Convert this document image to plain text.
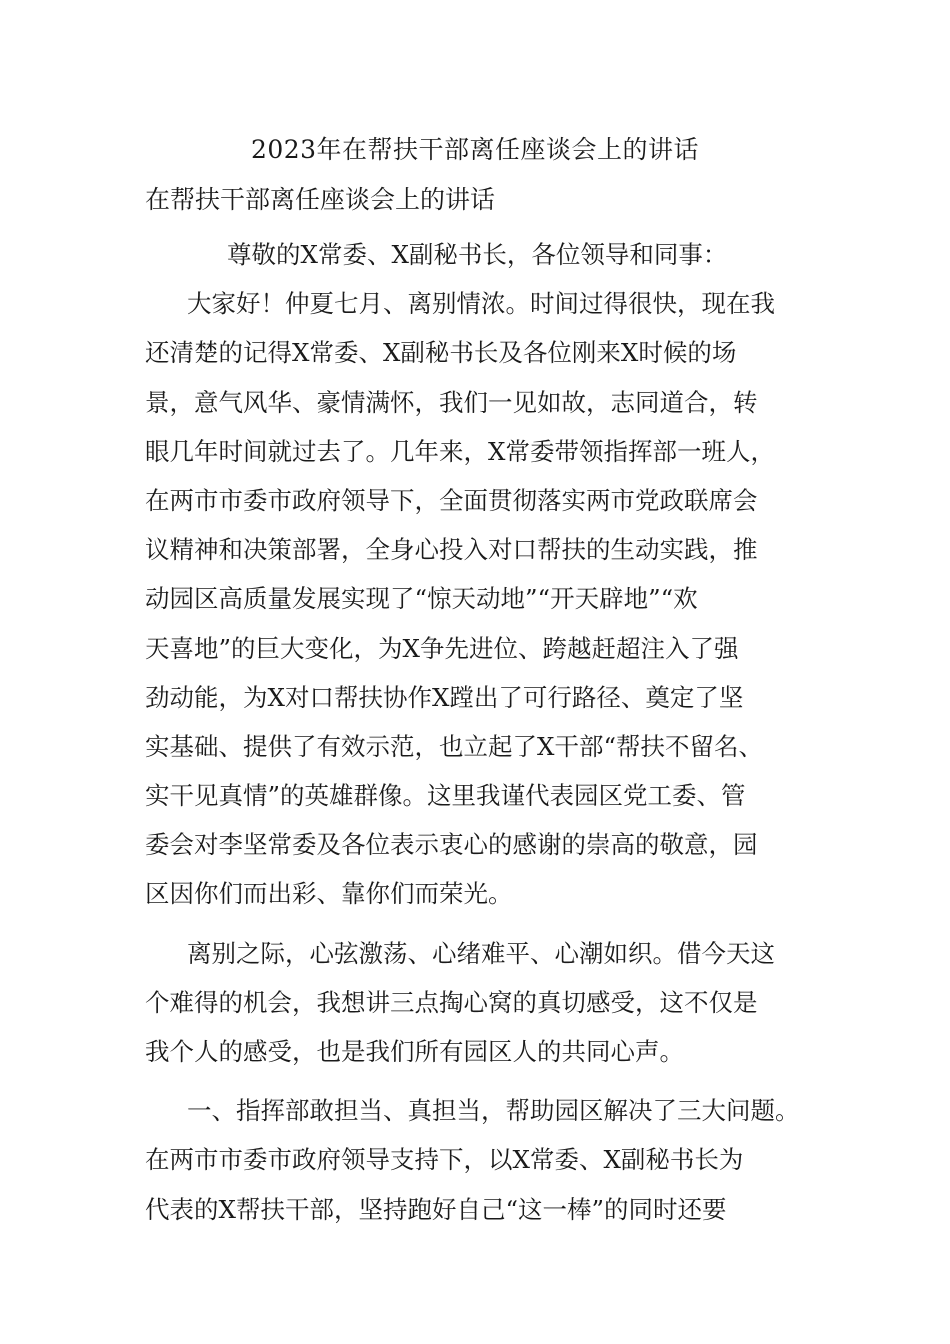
2023年在帮扶干部离任座谈会上的讲话
在帮扶干部离任座谈会上的讲话
尊敬的X常委、X副秘书长，各位领导和同事：
大家好！仲夏七月、离别情浓。时间过得很快，现在我
还清楚的记得X常委、X副秘书长及各位刚来X时候的场
景，意气风华、豪情满怀，我们一见如故，志同道合，转
眼几年时间就过去了。几年来，X常委带领指挥部一班人，
在两市市委市政府领导下，全面贯彻落实两市党政联席会
议精神和决策部署，全身心投入对口帮扶的生动实践，推
动园区高质量发展实现了“惊天动地”“开天辟地”“欢
天喜地”的巨大变化，为X争先进位、跨越赶超注入了强
劲动能，为X对口帮扶协作X蹚出了可行路径、奠定了坚
实基础、提供了有效示范，也立起了X干部“帮扶不留名、
实干见真情”的英雄群像。这里我谨代表园区党工委、管
委会对李坚常委及各位表示衷心的感谢的崇高的敬意，园
区因你们而出彩、靠你们而荣光。
离别之际，心弦激荡、心绪难平、心潮如织。借今天这
个难得的机会，我想讲三点掏心窝的真切感受，这不仅是
我个人的感受，也是我们所有园区人的共同心声。
一、指挥部敢担当、真担当，帮助园区解决了三大问题。
在两市市委市政府领导支持下，以X常委、X副秘书长为
代表的X帮扶干部，坚持跑好自己“这一棒”的同时还要
